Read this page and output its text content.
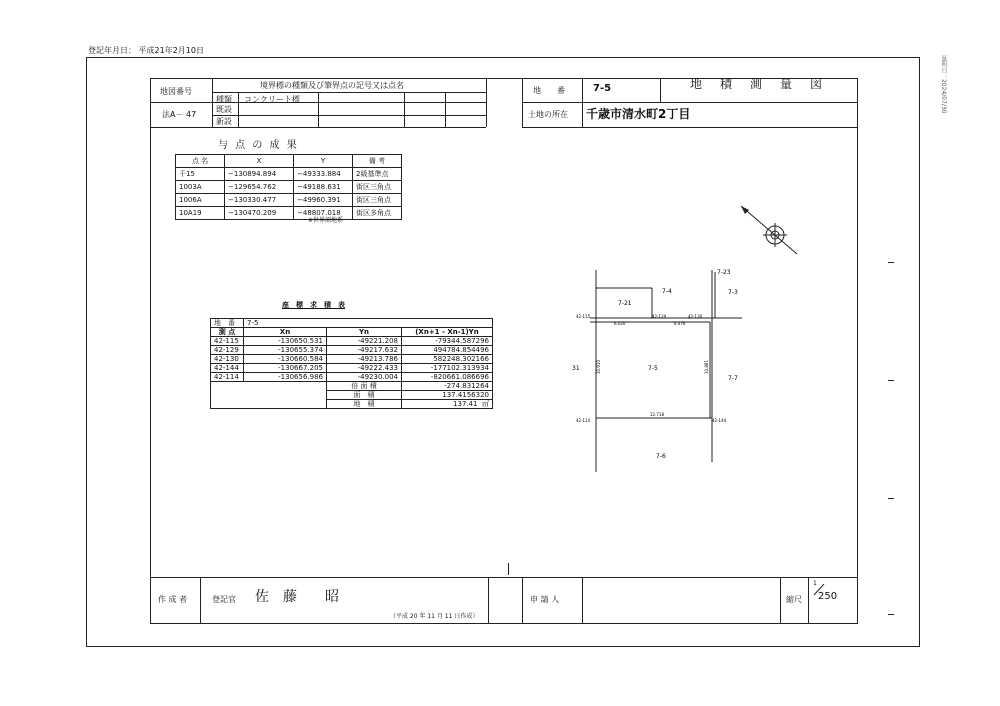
登記年月日： 平成21年2月10日
証明日：2024/07/30
地図番号
法A－ 47
境界標の種類及び筆界点の記号又は点名
種類 コンクリート標
既設
新設
地　　番	7-5	地　積　測　量　図
土地の所在 千歳市清水町2丁目
与 点 の 成 果
点 名	X	Y	備 考
千15	−130894.894	−49333.884	2級基準点
1003A	−129654.762	−49188.631	街区三角点
1006A	−130330.477	−49960.391	街区三角点
10A19	−130470.209	−48807.018	街区多角点
※世界測地系
座　標　求　積　表
地　番	7-5		
測 点	Xn	Yn	(Xn+1 - Xn-1)Yn
42-115	-130650.531	-49221.208	-79344.587296
42-129	-130655.374	-49217.632	494784.854496
42-130	-130660.584	-49213.786	582248.302166
42-144	-130667.205	-49222.433	-177102.313934
42-114	-130656.986	-49230.004	-820661.086696
		倍 面 積	-274.831264
		面　積	137.4156320
		地　積	137.41 ㎡
7-21
7-4
7-23
7-3
31	7-5
7-7
7-6
42-115	42-129	42-130
42-114	42-144
6.020	6.476
12.718
10.910	10.881
作 成 者	登記官 佐　藤　　昭
（平成 20 年 11 月 11 日作成）
申 請 人	縮尺
1
250
